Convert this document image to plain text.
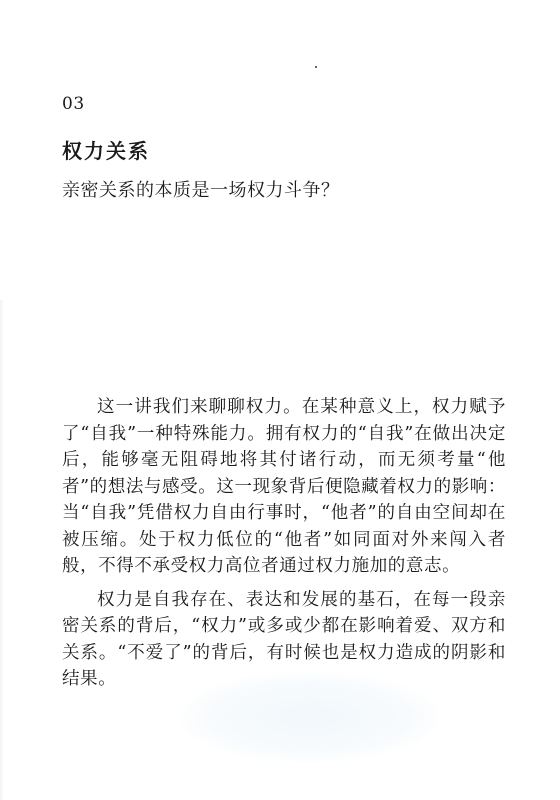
03
权力关系
亲密关系的本质是一场权力斗争？

这一讲我们来聊聊权力。在某种意义上，权力赋予了“自我”一种特殊能力。拥有权力的“自我”在做出决定后，能够毫无阻碍地将其付诸行动，而无须考量“他者”的想法与感受。这一现象背后便隐藏着权力的影响：当“自我”凭借权力自由行事时，“他者”的自由空间却在被压缩。处于权力低位的“他者”如同面对外来闯入者般，不得不承受权力高位者通过权力施加的意志。

权力是自我存在、表达和发展的基石，在每一段亲密关系的背后，“权力”或多或少都在影响着爱、双方和关系。“不爱了”的背后，有时候也是权力造成的阴影和结果。
